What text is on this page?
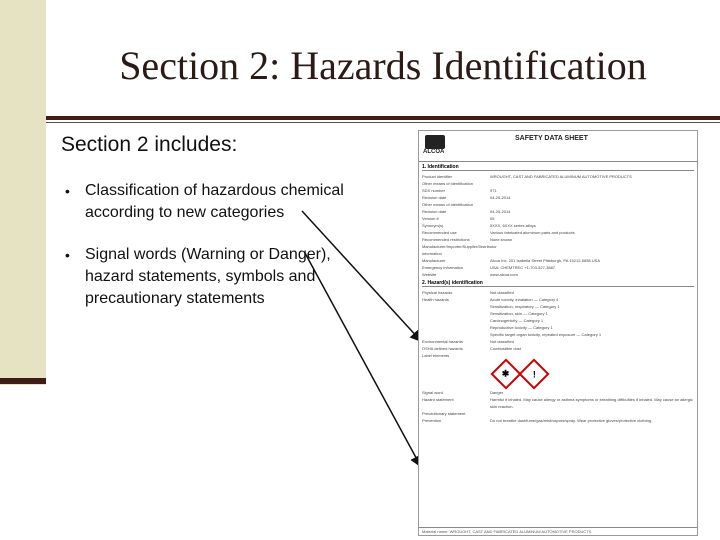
Section 2: Hazards Identification
Section 2 includes:
• Classification of hazardous chemical according to new categories
• Signal words (Warning or Danger), hazard statements, symbols and precautionary statements
ALCOA
SAFETY DATA SHEET
1. Identification
Product identifier	WROUGHT, CAST AND FABRICATED ALUMINUM AUTOMOTIVE PRODUCTS
Other means of identification
SDS number	971
Revision date	04-25-2014
Other means of identification
Revision date	04-25-2014
Version #	05
Synonym(s)	5XXX, 6XXX series alloys
Recommended use	Various fabricated aluminum parts and products
Recommended restrictions	None known
Manufacturer/Importer/Supplier/Distributor information
Manufacturer	Alcoa Inc. 201 Isabella Street Pittsburgh, PA 15212-5858 USA
Emergency information	USA: CHEMTREC +1-703-527-3887
Website	www.alcoa.com
2. Hazard(s) identification
Physical hazards	Not classified
Health hazards	Acute toxicity, inhalation — Category 4
Sensitization, respiratory — Category 1
Sensitization, skin — Category 1
Carcinogenicity — Category 1
Reproductive toxicity — Category 1
Specific target organ toxicity, repeated exposure — Category 1
Environmental hazards	Not classified
OSHA defined hazards	Combustible dust
Label elements
✱	!
Signal word	Danger
Hazard statement	Harmful if inhaled. May cause allergy or asthma symptoms or breathing difficulties if inhaled. May cause an allergic skin reaction.
Precautionary statement
Prevention	Do not breathe dust/fume/gas/mist/vapors/spray. Wear protective gloves/protective clothing.
Material name: WROUGHT, CAST AND FABRICATED ALUMINUM AUTOMOTIVE PRODUCTS
